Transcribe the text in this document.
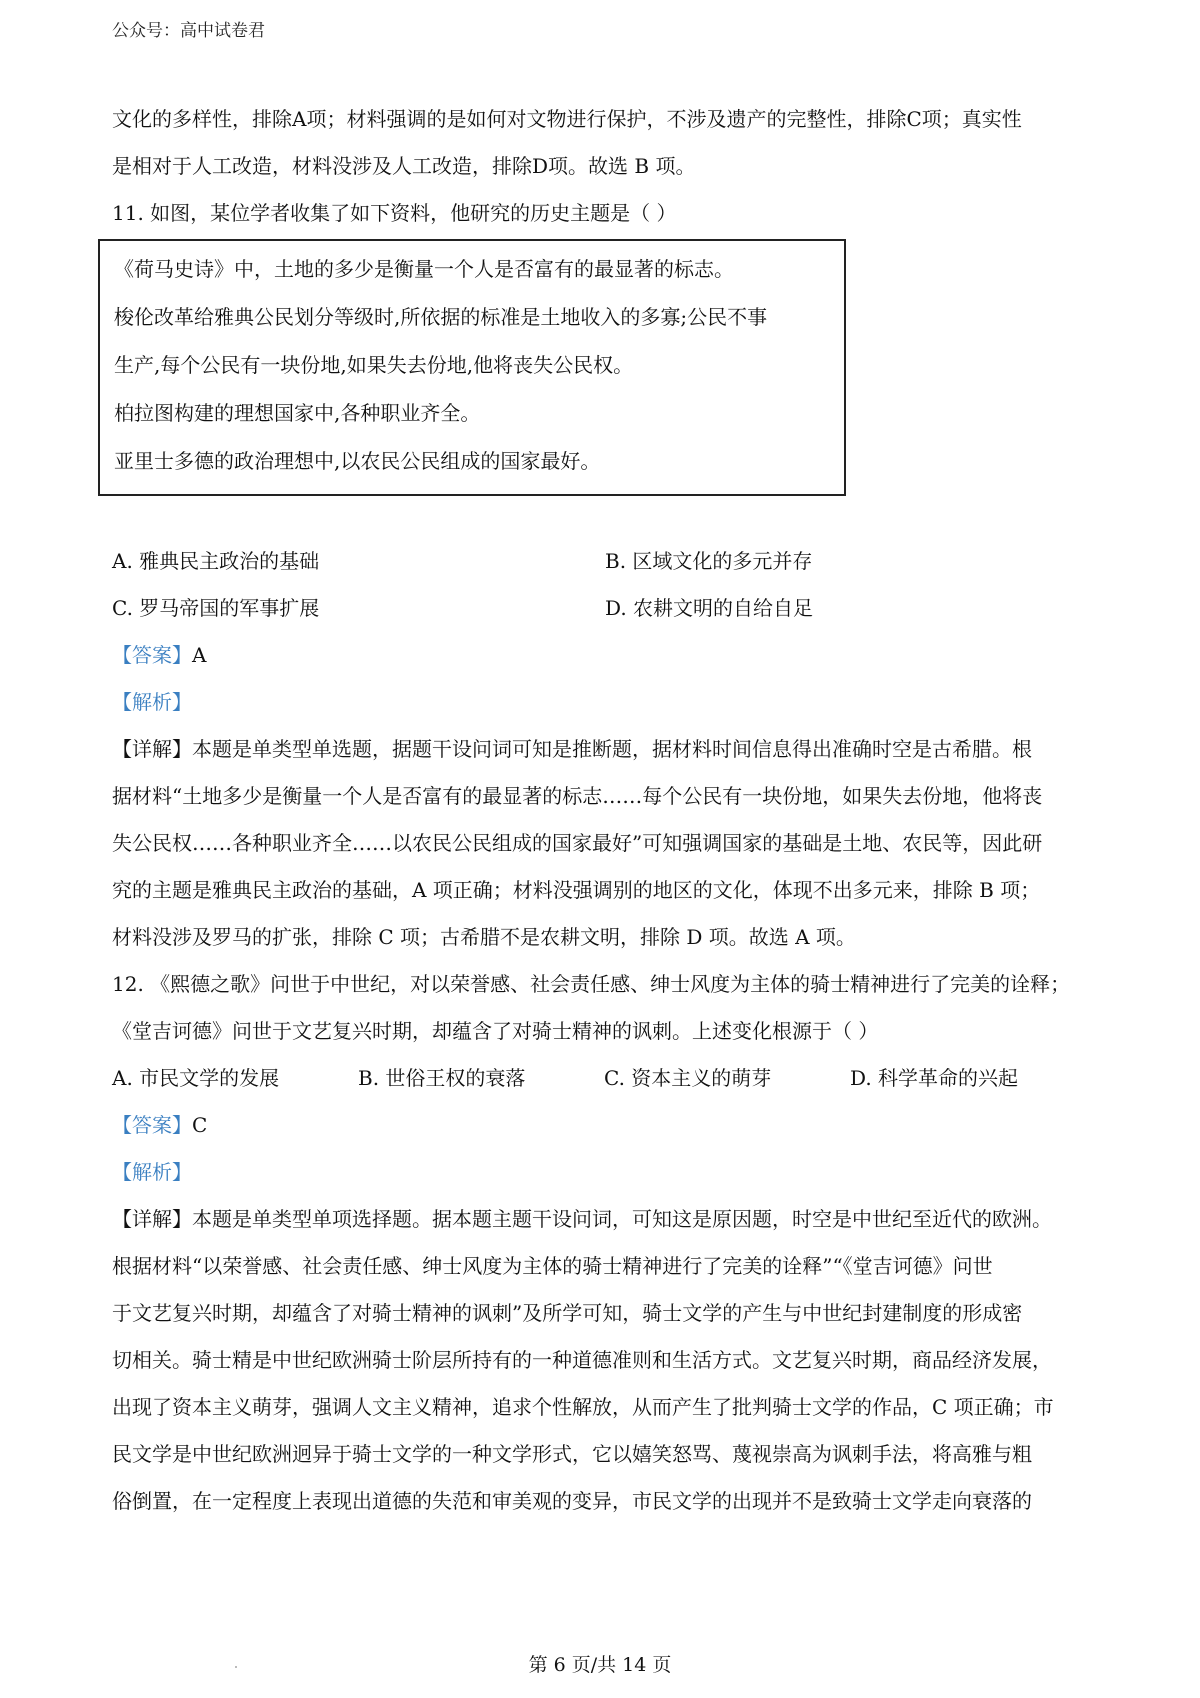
公众号：高中试卷君

文化的多样性，排除A项；材料强调的是如何对文物进行保护，不涉及遗产的完整性，排除C项；真实性

是相对于人工改造，材料没涉及人工改造，排除D项。故选 B 项。

11. 如图，某位学者收集了如下资料，他研究的历史主题是（ ）

《荷马史诗》中，土地的多少是衡量一个人是否富有的最显著的标志。

梭伦改革给雅典公民划分等级时,所依据的标准是土地收入的多寡;公民不事

生产,每个公民有一块份地,如果失去份地,他将丧失公民权。

柏拉图构建的理想国家中,各种职业齐全。

亚里士多德的政治理想中,以农民公民组成的国家最好。

A. 雅典民主政治的基础	B. 区域文化的多元并存
C. 罗马帝国的军事扩展	D. 农耕文明的自给自足

【答案】A

【解析】

【详解】本题是单类型单选题，据题干设问词可知是推断题，据材料时间信息得出准确时空是古希腊。根

据材料“土地多少是衡量一个人是否富有的最显著的标志……每个公民有一块份地，如果失去份地，他将丧

失公民权……各种职业齐全……以农民公民组成的国家最好”可知强调国家的基础是土地、农民等，因此研

究的主题是雅典民主政治的基础，A 项正确；材料没强调别的地区的文化，体现不出多元来，排除 B 项；

材料没涉及罗马的扩张，排除 C 项；古希腊不是农耕文明，排除 D 项。故选 A 项。

12. 《熙德之歌》问世于中世纪，对以荣誉感、社会责任感、绅士风度为主体的骑士精神进行了完美的诠释；

《堂吉诃德》问世于文艺复兴时期，却蕴含了对骑士精神的讽刺。上述变化根源于（ ）

A. 市民文学的发展	B. 世俗王权的衰落	C. 资本主义的萌芽	D. 科学革命的兴起

【答案】C

【解析】

【详解】本题是单类型单项选择题。据本题主题干设问词，可知这是原因题，时空是中世纪至近代的欧洲。

根据材料“以荣誉感、社会责任感、绅士风度为主体的骑士精神进行了完美的诠释”“《堂吉诃德》问世

于文艺复兴时期，却蕴含了对骑士精神的讽刺”及所学可知，骑士文学的产生与中世纪封建制度的形成密

切相关。骑士精是中世纪欧洲骑士阶层所持有的一种道德准则和生活方式。文艺复兴时期，商品经济发展，

出现了资本主义萌芽，强调人文主义精神，追求个性解放，从而产生了批判骑士文学的作品，C 项正确；市

民文学是中世纪欧洲迥异于骑士文学的一种文学形式，它以嬉笑怒骂、蔑视崇高为讽刺手法，将高雅与粗

俗倒置，在一定程度上表现出道德的失范和审美观的变异，市民文学的出现并不是致骑士文学走向衰落的

第 6 页/共 14 页
